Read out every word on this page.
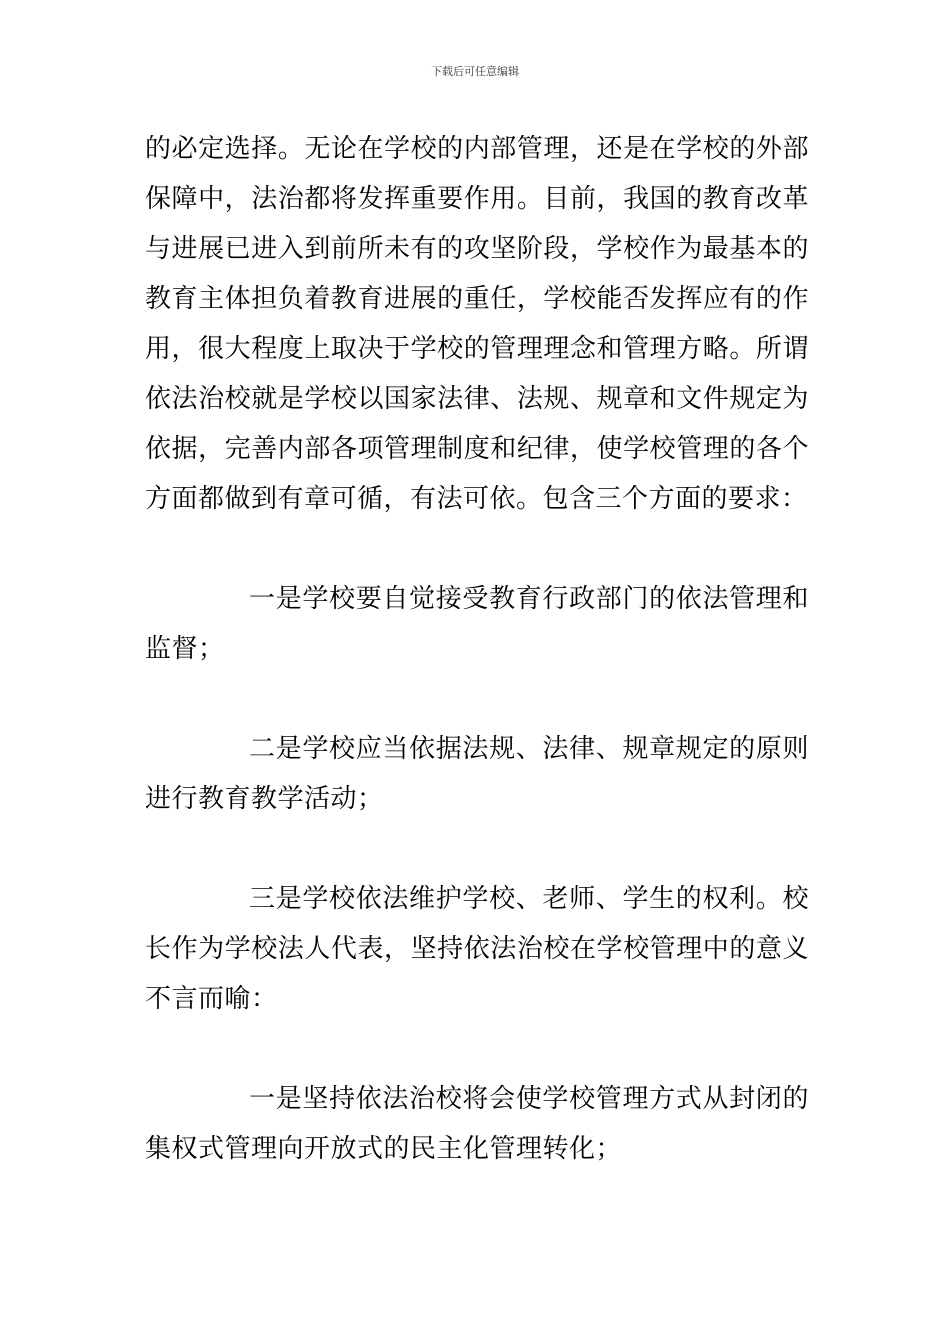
下载后可任意编辑

的必定选择。无论在学校的内部管理，还是在学校的外部保障中，法治都将发挥重要作用。目前，我国的教育改革与进展已进入到前所未有的攻坚阶段，学校作为最基本的教育主体担负着教育进展的重任，学校能否发挥应有的作用，很大程度上取决于学校的管理理念和管理方略。所谓依法治校就是学校以国家法律、法规、规章和文件规定为依据，完善内部各项管理制度和纪律，使学校管理的各个方面都做到有章可循，有法可依。包含三个方面的要求：

一是学校要自觉接受教育行政部门的依法管理和监督；

二是学校应当依据法规、法律、规章规定的原则进行教育教学活动；

三是学校依法维护学校、老师、学生的权利。校长作为学校法人代表，坚持依法治校在学校管理中的意义不言而喻：

一是坚持依法治校将会使学校管理方式从封闭的集权式管理向开放式的民主化管理转化；
